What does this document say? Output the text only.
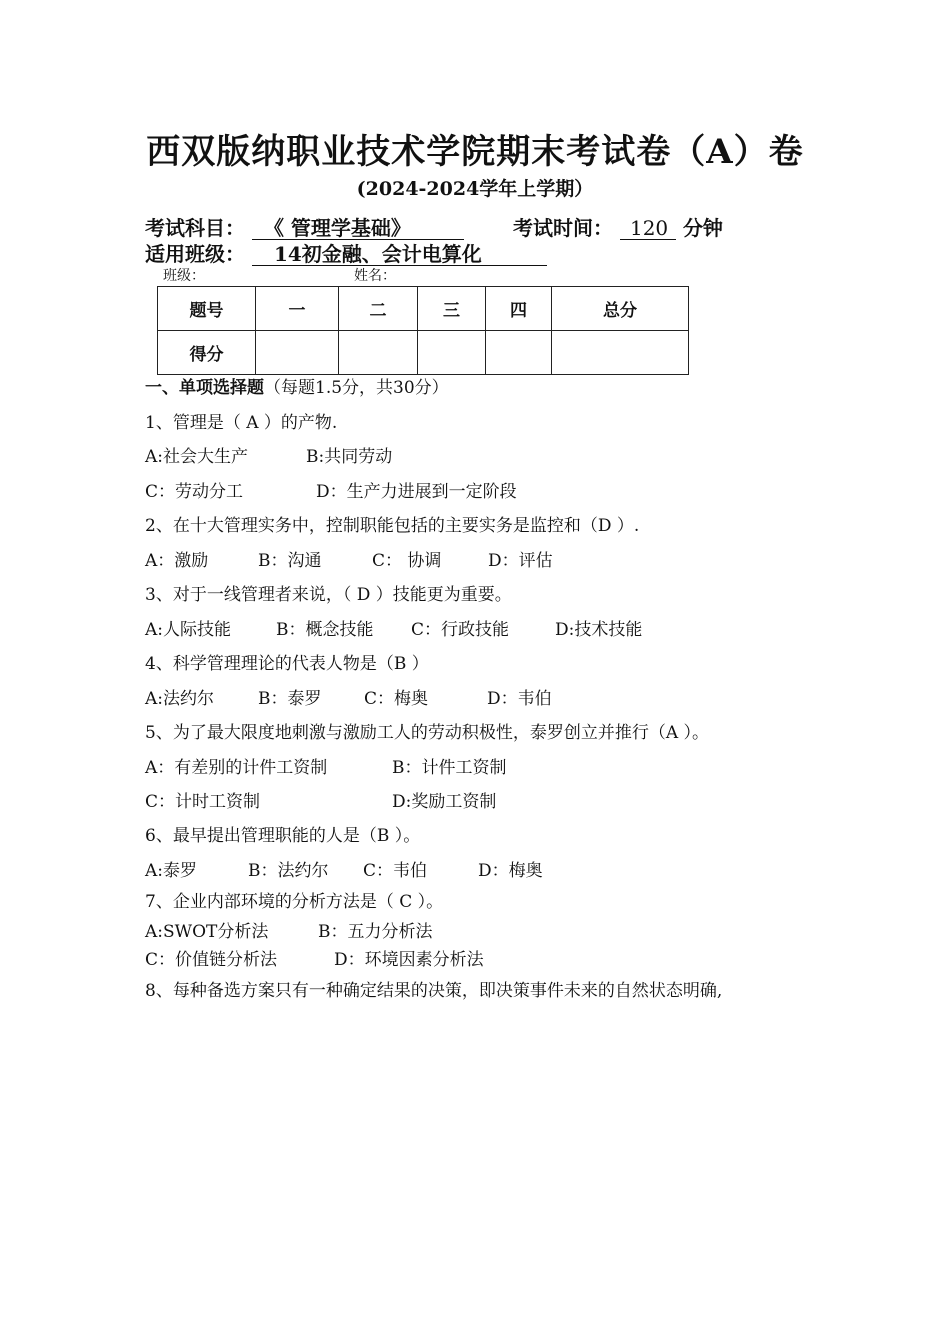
西双版纳职业技术学院期末考试卷（A）卷
(2024-2024学年上学期）
考试科目： 《 管理学基础》	考试时间： 120 分钟
适用班级： 14初金融、会计电算化
班级：	姓名：
题号	一	二	三	四	总分
得分					
一、单项选择题（每题1.5分，共30分）
1、管理是（ A ）的产物.
A:社会大生产	B:共同劳动
C：劳动分工	D：生产力进展到一定阶段
2、在十大管理实务中，控制职能包括的主要实务是监控和（D ）.
A：激励	B：沟通	C： 协调	D：评估
3、对于一线管理者来说，（ D ）技能更为重要。
A:人际技能	B：概念技能 C：行政技能	D:技术技能
4、科学管理理论的代表人物是（B ）
A:法约尔	B：泰罗	C：梅奥	D：韦伯
5、为了最大限度地刺激与激励工人的劳动积极性，泰罗创立并推行（A ）。
A：有差别的计件工资制	B：计件工资制
C：计时工资制	D:奖励工资制
6、最早提出管理职能的人是（B ）。
A:泰罗	B：法约尔 C：韦伯	D：梅奥
7、企业内部环境的分析方法是（ C ）。
A:SWOT分析法	B：五力分析法
C：价值链分析法	D：环境因素分析法
8、每种备选方案只有一种确定结果的决策，即决策事件未来的自然状态明确,
